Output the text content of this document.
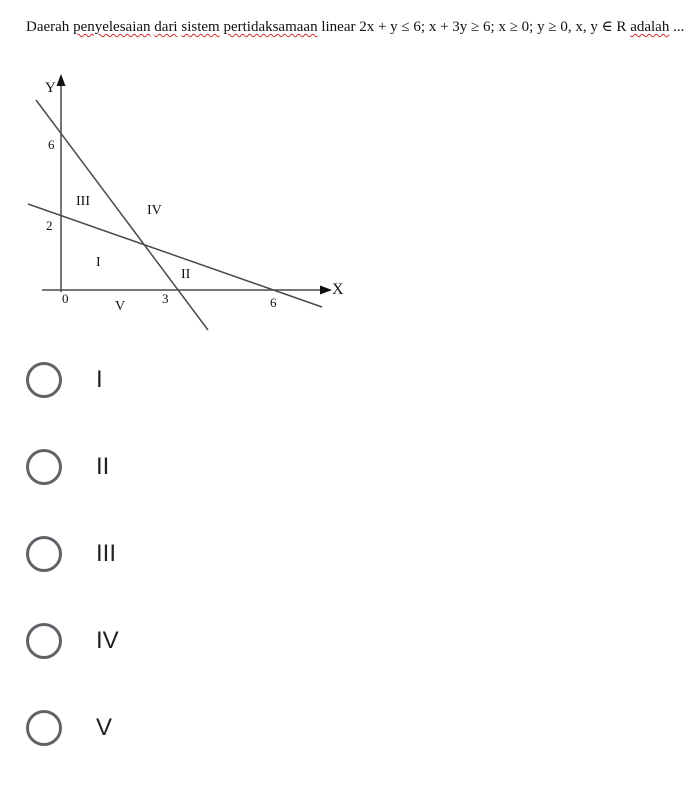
Daerah penyelesaian dari sistem pertidaksamaan linear 2x + y ≤ 6; x + 3y ≥ 6; x ≥ 0; y ≥ 0, x, y ∈ R adalah ...
Y
X
0
6
2
3	6
III
IV
I
II
V
I
II
III
IV
V
